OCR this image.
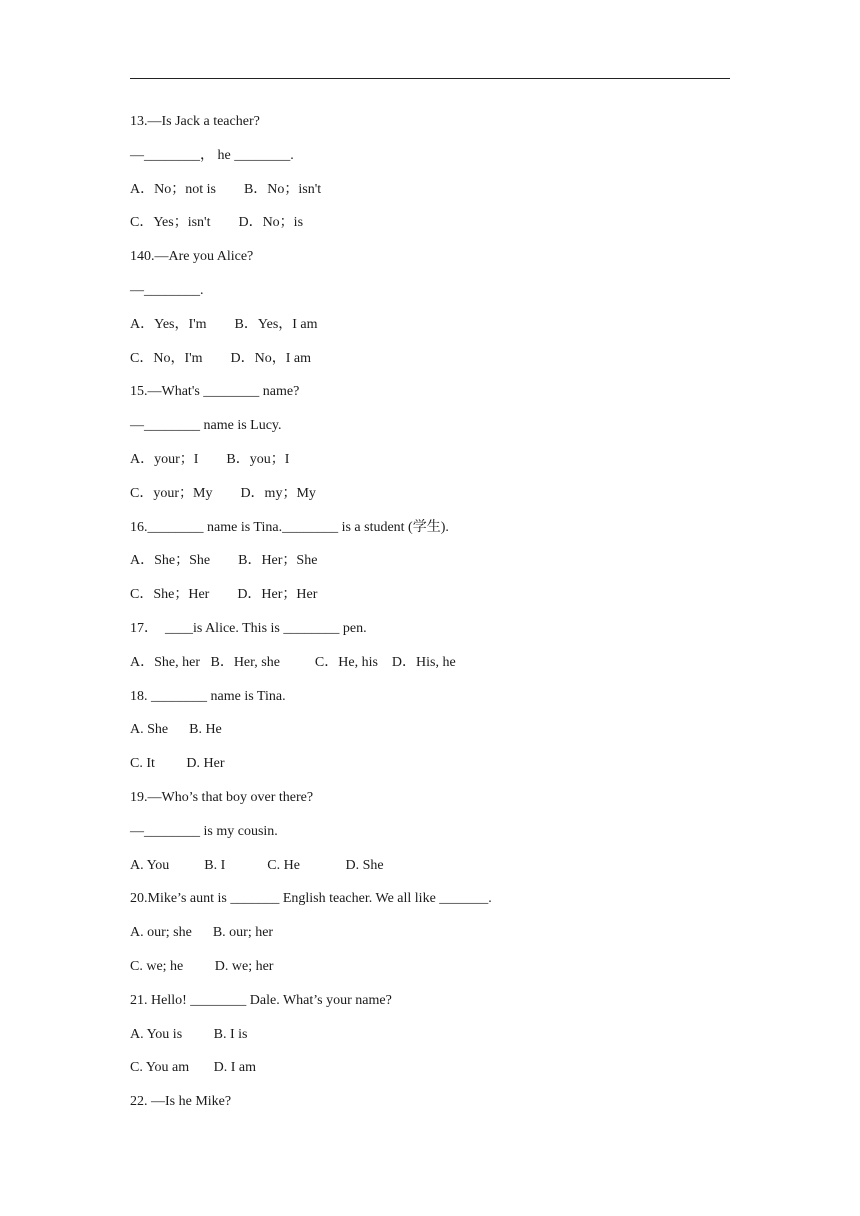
13.—Is Jack a teacher?
—________， he ________.
A．No；not is        B．No；isn't
C．Yes；isn't        D．No；is
140.—Are you Alice?
—________.
A．Yes，I'm        B．Yes，I am
C．No，I'm        D．No，I am
15.—What's ________ name?
—________ name is Lucy.
A．your；I        B．you；I
C．your；My        D．my；My
16.________ name is Tina.________ is a student (学生).
A．She；She        B．Her；She
C．She；Her        D．Her；Her
17．  ____is Alice. This is ________ pen.
A．She, her   B．Her, she          C．He, his    D．His, he
18. ________ name is Tina.
A. She      B. He
C. It         D. Her
19.—Who’s that boy over there?
—________ is my cousin.
A. You          B. I            C. He             D. She
20.Mike’s aunt is _______ English teacher. We all like _______.
A. our; she      B. our; her
C. we; he         D. we; her
21. Hello! ________ Dale. What’s your name?
A. You is         B. I is
C. You am       D. I am
22. —Is he Mike?
